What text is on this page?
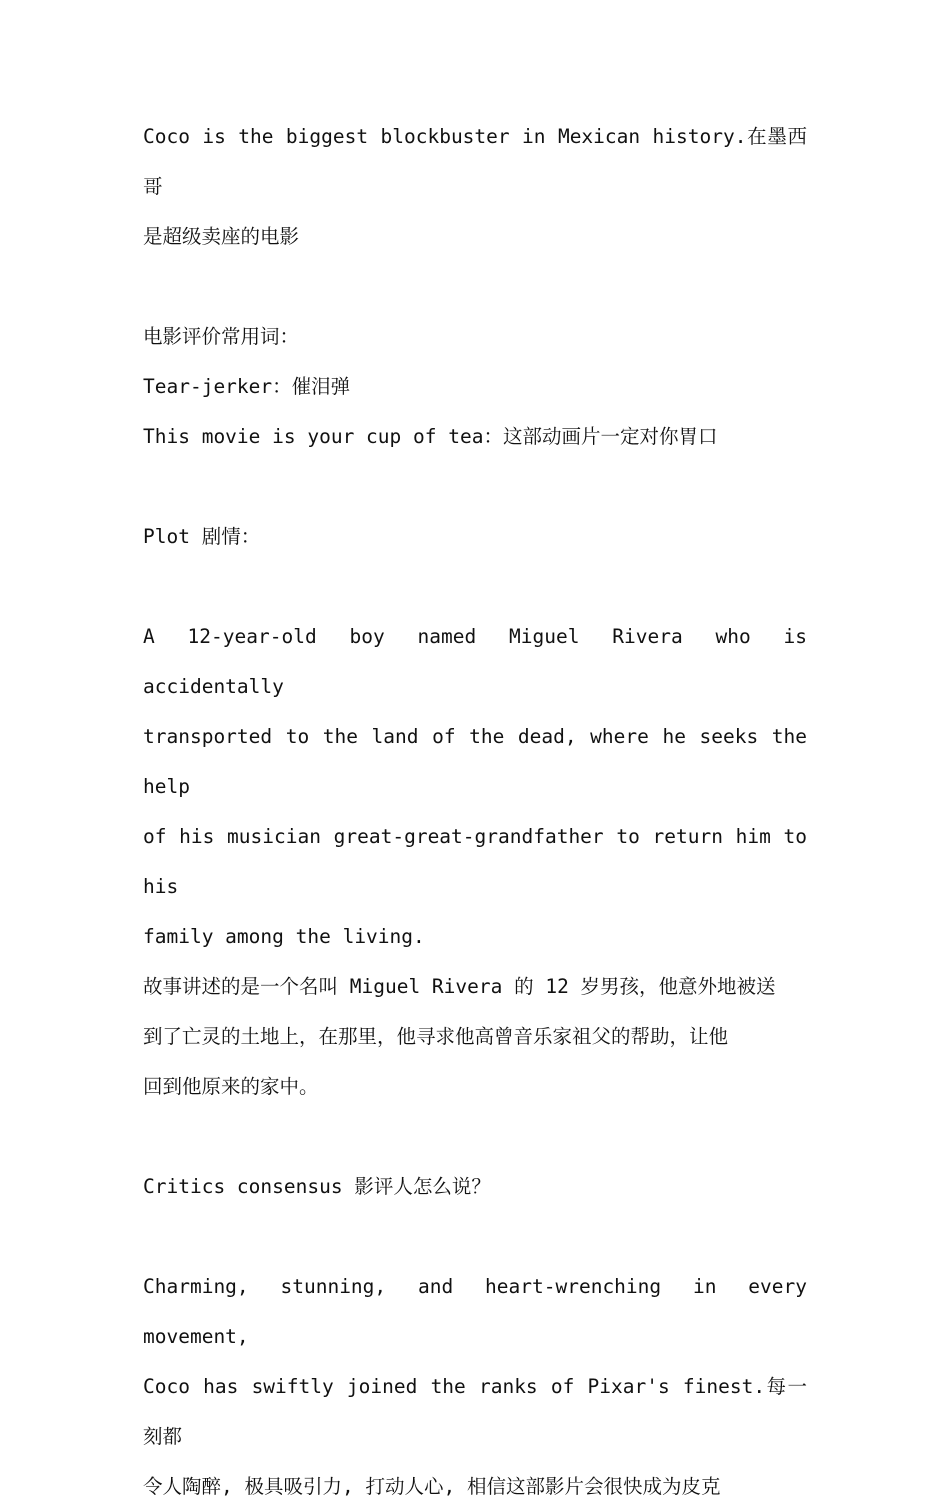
Coco is the biggest blockbuster in Mexican history.在墨西哥
是超级卖座的电影
电影评价常用词：
Tear-jerker：催泪弹
This movie is your cup of tea：这部动画片一定对你胃口
Plot 剧情：
A 12-year-old boy named Miguel Rivera who is accidentally
transported to the land of the dead, where he seeks the help
of his musician great-great-grandfather to return him to his
family among the living.
故事讲述的是一个名叫 Miguel Rivera 的 12 岁男孩，他意外地被送
到了亡灵的土地上，在那里，他寻求他高曾音乐家祖父的帮助，让他
回到他原来的家中。
Critics consensus 影评人怎么说？
Charming, stunning, and heart-wrenching in every movement,
Coco has swiftly joined the ranks of Pixar's finest.每一刻都
令人陶醉, 极具吸引力, 打动人心, 相信这部影片会很快成为皮克
